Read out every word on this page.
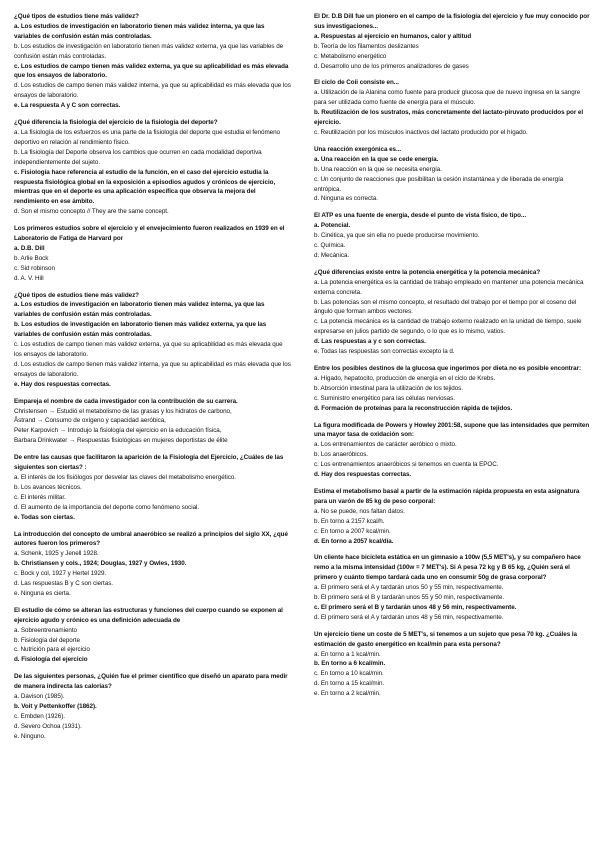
¿Qué tipos de estudios tiene más validez?

a. Los estudios de investigación en laboratorio tienen más validez interna, ya que las variables de confusión están más controladas.

b. Los estudios de investigación en laboratorio tienen más validez externa, ya que las variables de confusión están más controladas.

c. Los estudios de campo tienen más validez externa, ya que su aplicabilidad es más elevada que los ensayos de laboratorio.

d. Los estudios de campo tienen más validez interna, ya que su aplicabilidad es más elevada que los ensayos de laboratorio.

e. La respuesta A y C son correctas.

¿Qué diferencia la fisiología del ejercicio de la fisiología del deporte?

a. La fisiología de los esfuerzos es una parte de la fisiología del deporte que estudia el fenómeno deportivo en relación al rendimiento físico.

b. La fisiología del Deporte observa los cambios que ocurren en cada modalidad deportiva independientemente del sujeto.

c. Fisiología hace referencia al estudio de la función, en el caso del ejercicio estudia la respuesta fisiológica global en la exposición a episodios agudos y crónicos de ejercicio, mientras que en el deporte es una aplicación específica que observa la mejora del rendimiento en ese ámbito.

d. Son el mismo concepto // They are the same concept.

Los primeros estudios sobre el ejercicio y el envejecimiento fueron realizados en 1939 en el Laboratorio de Fatiga de Harvard por

a. D.B. Dill

b. Arlie Bock

c. Sid robinson

d. A. V. Hill

¿Qué tipos de estudios tiene más validez?

a. Los estudios de investigación en laboratorio tienen más validez interna, ya que las variables de confusión están más controladas.

b. Los estudios de investigación en laboratorio tienen más validez externa, ya que las variables de confusión están más controladas.

c. Los estudios de campo tienen más validez externa, ya que su aplicabilidad es más elevada que los ensayos de laboratorio.

d. Los estudios de campo tienen más validez interna, ya que su aplicabilidad es más elevada que los ensayos de laboratorio.

e. Hay dos respuestas correctas.

Empareja el nombre de cada investigador con la contribución de su carrera.

Christensen → Estudió el metabolismo de las grasas y los hidratos de carbono,

Åstrand → Consumo de oxígeno y capacidad aeróbica,

Peter Karpovich → Introdujo la fisiología del ejercicio en la educación física,

Barbara Drinkwater → Respuestas fisiológicas en mujeres deportistas de élite

De entre las causas que facilitaron la aparición de la Fisiología del Ejercicio, ¿Cuáles de las siguientes son ciertas? :

a. El interés de los fisiólogos por desvelar las claves del metabolismo energético.

b. Los avances técnicos.

c. El interés militar.

d. El aumento de la importancia del deporte como fenómeno social.

e. Todas son ciertas.

La introducción del concepto de umbral anaeróbico se realizó a principios del siglo XX, ¿qué autores fueron los primeros?

a. Schenk, 1925 y Jenell 1928.

b. Christiansen y cols., 1924; Douglas, 1927 y Owles, 1930.

c. Bock y col, 1927 y Hertel 1929.

d. Las respuestas B y C son ciertas.

e. Ninguna es cierta.

El estudio de cómo se alteran las estructuras y funciones del cuerpo cuando se exponen al ejercicio agudo y crónico es una definición adecuada de

a. Sobreentrenamiento

b. Fisiología del deporte

c. Nutrición para el ejercicio

d. Fisiología del ejercicio

De las siguientes personas, ¿Quién fue el primer científico que diseñó un aparato para medir de manera indirecta las calorías?

a. Davison (1985).

b. Voit y Pettenkoffer (1862).

c. Embden (1926).

d. Severo Ochoa (1931).

e. Ninguno.

El Dr. D.B Dill fue un pionero en el campo de la fisiología del ejercicio y fue muy conocido por sus investigaciones...

a. Respuestas al ejercicio en humanos, calor y altitud

b. Teoría de los filamentos deslizantes

c. Metabolismo energético

d. Desarrollo uno de los primeros analizadores de gases

El ciclo de Coii consiste en...

a. Utilización de la Alanina como fuente para producir glucosa que de nuevo ingresa en la sangre para ser utilizada como fuente de energía para el músculo.

b. Reutilización de los sustratos, más concretamente del lactato-piruvato producidos por el ejercicio.

c. Reutilización por los músculos inactivos del lactato producido por el hígado.

Una reacción exergónica es...

a. Una reacción en la que se cede energía.

b. Una reacción en la que se necesita energía.

c. Un conjunto de reacciones que posibilitan la cesión instantánea y de liberada de energía entrópica.

d. Ninguna es correcta.

El ATP es una fuente de energía, desde el punto de vista físico, de tipo...

a. Potencial.

b. Cinética, ya que sin ella no puede producirse movimiento.

c. Química.

d. Mecánica.

¿Qué diferencias existe entre la potencia energética y la potencia mecánica?

a. La potencia energética es la cantidad de trabajo empleado en mantener una potencia mecánica externa concreta.

b. Las potencias son el mismo concepto, el resultado del trabajo por el tiempo por el coseno del ángulo que forman ambos vectores.

c. La potencia mecánica es la cantidad de trabajo externo realizado en la unidad de tiempo, suele expresarse en julios partido de segundo, o lo que es lo mismo, vatios.

d. Las respuestas a y c son correctas.

e. Todas las respuestas son correctas excepto la d.

Entre los posibles destinos de la glucosa que ingerimos por dieta no es posible encontrar:

a. Hígado, hepatocito, producción de energía en el ciclo de Krebs.

b. Absorción intestinal para la utilización de los tejidos.

c. Suministro energético para las células nerviosas.

d. Formación de proteínas para la reconstrucción rápida de tejidos.

La figura modificada de Powers y Howley 2001:58, supone que las intensidades que permiten una mayor tasa de oxidación son:

a. Los entrenamientos de carácter aeróbico o mixto.

b. Los anaeróbicos.

c. Los entrenamientos anaeróbicos si tenemos en cuenta la EPOC.

d. Hay dos respuestas correctas.

Estima el metabolismo basal a partir de la estimación rápida propuesta en esta asignatura para un varón de 85 kg de peso corporal:

a. No se puede, nos faltan datos.

b. En torno a 2157 kcal/h.

c. En torno a 2007 kcal/min.

d. En torno a 2057 kcal/día.

Un cliente hace bicicleta estática en un gimnasio a 100w (5,5 MET's), y su compañero hace remo a la misma intensidad (100w = 7 MET's). Si A pesa 72 kg y B 65 kg, ¿Quién será el primero y cuánto tiempo tardará cada uno en consumir 50g de grasa corporal?

a. El primero será el A y tardarán unos 50 y 55 min, respectivamente.

b. El primero será el B y tardarán unos 55 y 50 min, respectivamente.

c. El primero será el B y tardarán unos 48 y 56 min, respectivamente.

d. El primero será el A y tardarán unos 48 y 56 min, respectivamente.

Un ejercicio tiene un coste de 5 MET's, si tenemos a un sujeto que pesa 70 kg. ¿Cuáles la estimación de gasto energético en kcal/min para esta persona?

a. En torno a 1 kcal/min.

b. En torno a 6 kcal/min.

c. En torno a 10 kcal/min.

d. En torno a 15 kcal/min.

e. En torno a 2 kcal/min.
